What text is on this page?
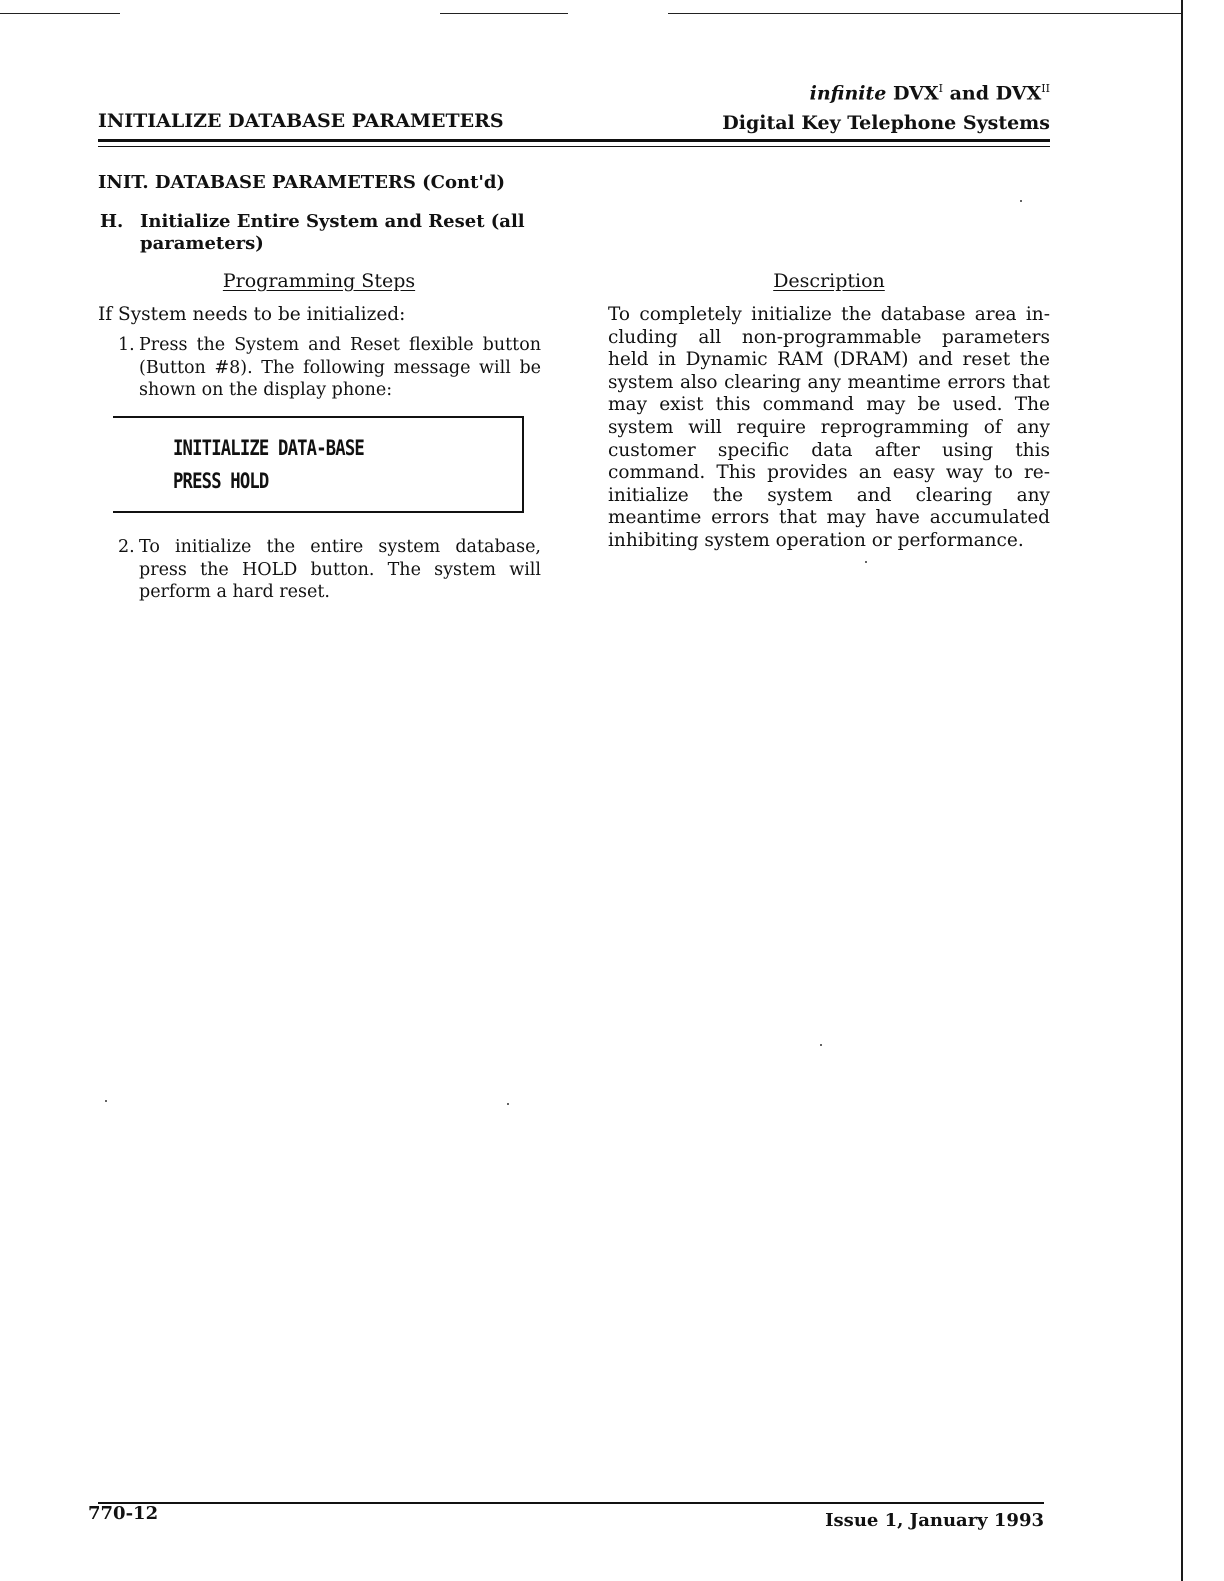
INITIALIZE DATABASE PARAMETERS
infinite $DVX^I$ and $DVX^{II}$
Digital Key Telephone Systems
INIT. DATABASE PARAMETERS (Cont'd)
H. Initialize Entire System and Reset (all parameters)
Programming Steps	Description
If System needs to be initialized:
1. Press the System and Reset flexible button (Button #8). The following message will be shown on the display phone:
INITIALIZE DATA-BASE
PRESS HOLD
2. To initialize the entire system database, press the HOLD button. The system will perform a hard reset.
To completely initialize the database area including all non-programmable parameters held in Dynamic RAM (DRAM) and reset the system also clearing any meantime errors that may exist this command may be used. The system will require reprogramming of any customer specific data after using this command. This provides an easy way to re-initialize the system and clearing any meantime errors that may have accumulated inhibiting system operation or performance.
770-12	Issue 1, January 1993
